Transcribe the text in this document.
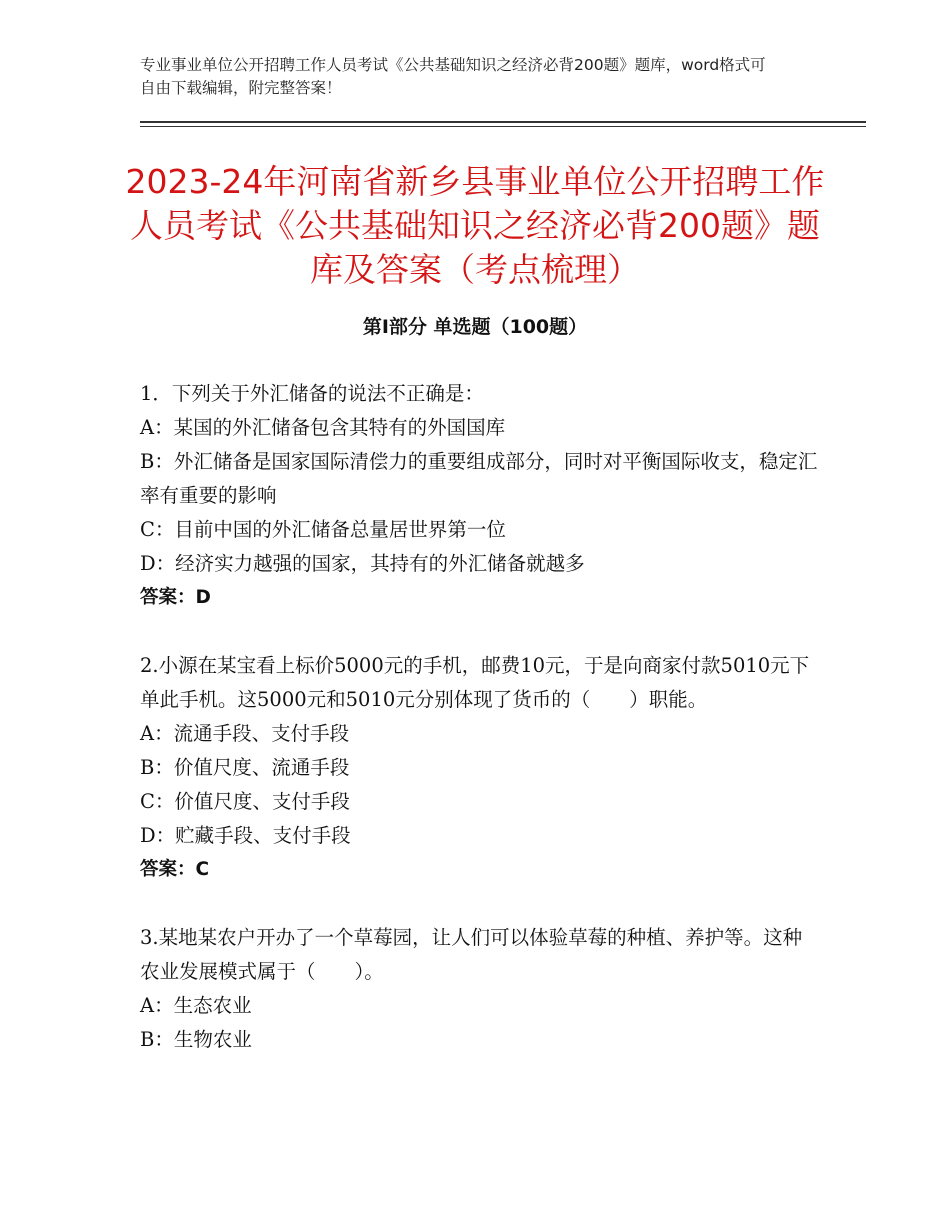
专业事业单位公开招聘工作人员考试《公共基础知识之经济必背200题》题库，word格式可自由下载编辑，附完整答案！
2023-24年河南省新乡县事业单位公开招聘工作人员考试《公共基础知识之经济必背200题》题库及答案（考点梳理）
第I部分 单选题（100题）
1．下列关于外汇储备的说法不正确是：
A：某国的外汇储备包含其特有的外国国库
B：外汇储备是国家国际清偿力的重要组成部分，同时对平衡国际收支，稳定汇率有重要的影响
C：目前中国的外汇储备总量居世界第一位
D：经济实力越强的国家，其持有的外汇储备就越多
答案：D
2.小源在某宝看上标价5000元的手机，邮费10元，于是向商家付款5010元下单此手机。这5000元和5010元分别体现了货币的（　　）职能。
A：流通手段、支付手段
B：价值尺度、流通手段
C：价值尺度、支付手段
D：贮藏手段、支付手段
答案：C
3.某地某农户开办了一个草莓园，让人们可以体验草莓的种植、养护等。这种农业发展模式属于（　　）。
A：生态农业
B：生物农业
